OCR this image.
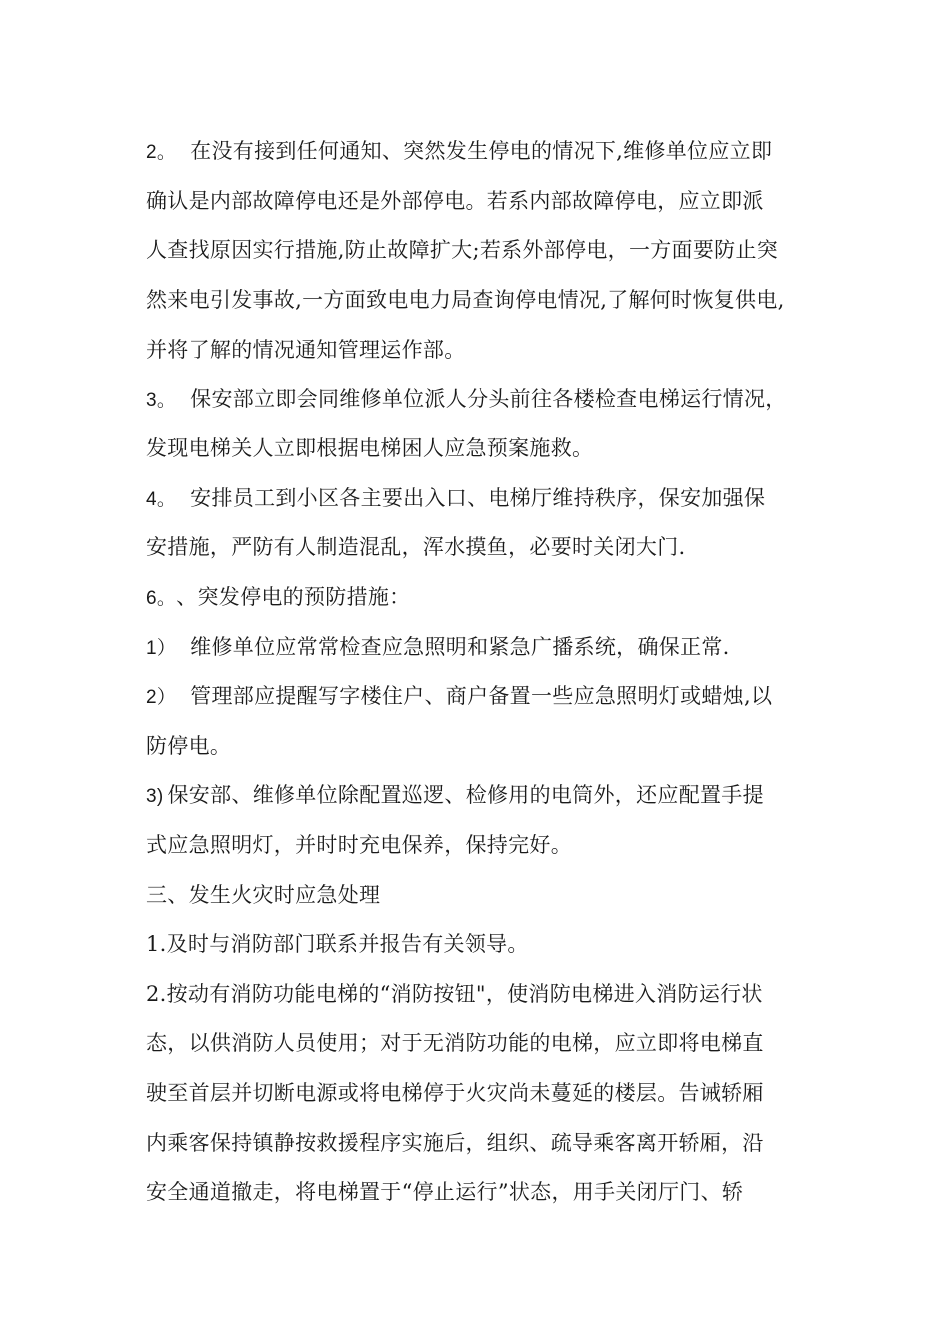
2。 在没有接到任何通知、突然发生停电的情况下,维修单位应立即
确认是内部故障停电还是外部停电。若系内部故障停电，应立即派
人查找原因实行措施,防止故障扩大;若系外部停电，一方面要防止突
然来电引发事故,一方面致电电力局查询停电情况,了解何时恢复供电,
并将了解的情况通知管理运作部。
3。 保安部立即会同维修单位派人分头前往各楼检查电梯运行情况，
发现电梯关人立即根据电梯困人应急预案施救。
4。 安排员工到小区各主要出入口、电梯厅维持秩序，保安加强保
安措施，严防有人制造混乱，浑水摸鱼，必要时关闭大门.
6。、突发停电的预防措施：
1） 维修单位应常常检查应急照明和紧急广播系统，确保正常.
2） 管理部应提醒写字楼住户、商户备置一些应急照明灯或蜡烛,以
防停电。
3) 保安部、维修单位除配置巡逻、检修用的电筒外，还应配置手提
式应急照明灯，并时时充电保养，保持完好。
三、发生火灾时应急处理
1.及时与消防部门联系并报告有关领导。
2.按动有消防功能电梯的“消防按钮"，使消防电梯进入消防运行状
态，以供消防人员使用；对于无消防功能的电梯，应立即将电梯直
驶至首层并切断电源或将电梯停于火灾尚未蔓延的楼层。告诫轿厢
内乘客保持镇静按救援程序实施后，组织、疏导乘客离开轿厢，沿
安全通道撤走，将电梯置于“停止运行”状态，用手关闭厅门、轿
